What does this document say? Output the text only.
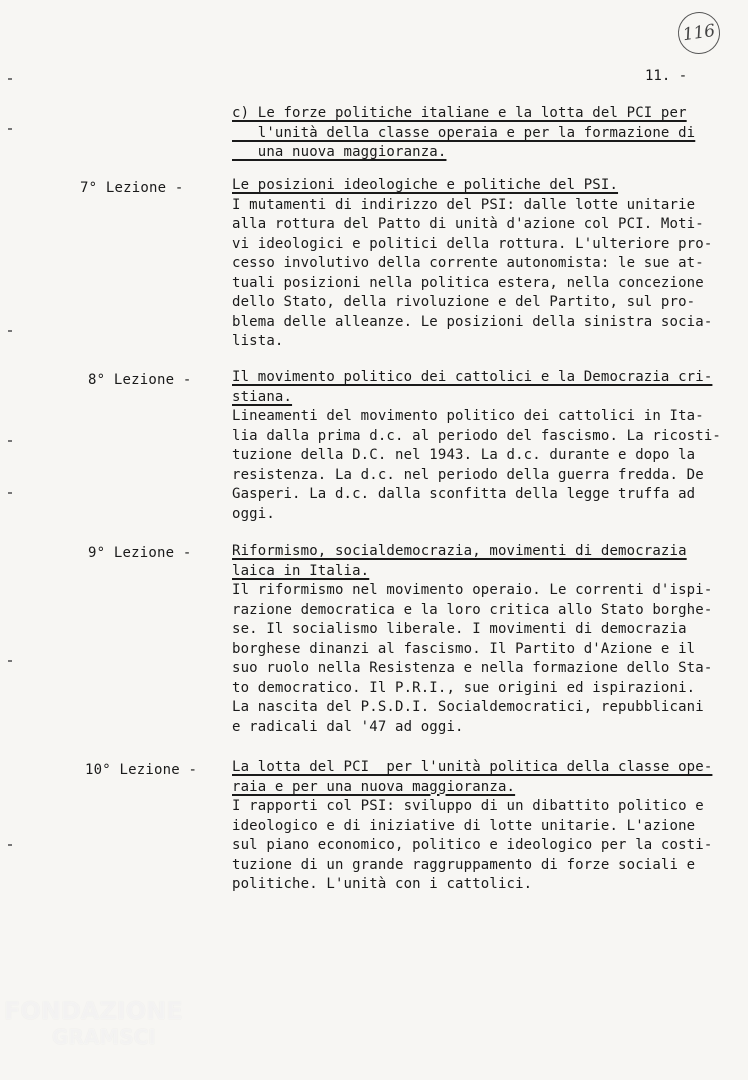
116
11. -
c) Le forze politiche italiane e la lotta del PCI per
l'unità della classe operaia e per la formazione di
una nuova maggioranza.
7° Lezione -	Le posizioni ideologiche e politiche del PSI.
I mutamenti di indirizzo del PSI: dalle lotte unitarie
alla rottura del Patto di unità d'azione col PCI. Moti-
vi ideologici e politici della rottura. L'ulteriore pro-
cesso involutivo della corrente autonomista: le sue at-
tuali posizioni nella politica estera, nella concezione
dello Stato, della rivoluzione e del Partito, sul pro-
blema delle alleanze. Le posizioni della sinistra socia-
lista.
8° Lezione -	Il movimento politico dei cattolici e la Democrazia cri-
stiana.
Lineamenti del movimento politico dei cattolici in Ita-
lia dalla prima d.c. al periodo del fascismo. La ricosti-
tuzione della D.C. nel 1943. La d.c. durante e dopo la
resistenza. La d.c. nel periodo della guerra fredda. De
Gasperi. La d.c. dalla sconfitta della legge truffa ad
oggi.
9° Lezione -	Riformismo, socialdemocrazia, movimenti di democrazia
laica in Italia.
Il riformismo nel movimento operaio. Le correnti d'ispi-
razione democratica e la loro critica allo Stato borghe-
se. Il socialismo liberale. I movimenti di democrazia
borghese dinanzi al fascismo. Il Partito d'Azione e il
suo ruolo nella Resistenza e nella formazione dello Sta-
to democratico. Il P.R.I., sue origini ed ispirazioni.
La nascita del P.S.D.I. Socialdemocratici, repubblicani
e radicali dal '47 ad oggi.
10° Lezione - La lotta del PCI  per l'unità politica della classe ope-
raia e per una nuova maggioranza.
I rapporti col PSI: sviluppo di un dibattito politico e
ideologico e di iniziative di lotte unitarie. L'azione
sul piano economico, politico e ideologico per la costi-
tuzione di un grande raggruppamento di forze sociali e
politiche. L'unità con i cattolici.
FONDAZIONE
GRAMSCI
